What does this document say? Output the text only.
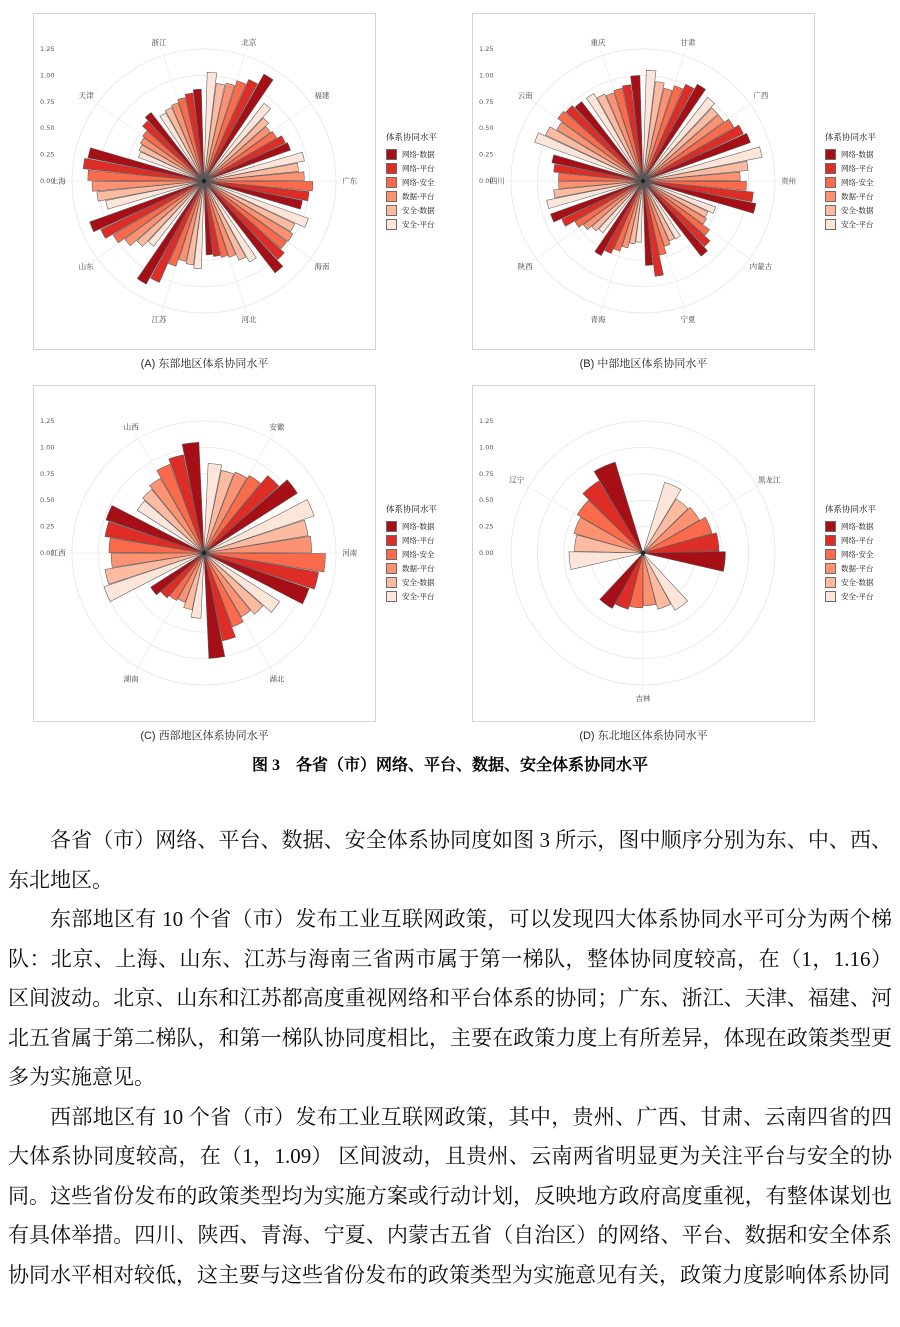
0.00
0.25
0.50
0.75
1.00
1.25
北京
福建
广东
海南
河北
江苏
山东
上海
天津
浙江
(A) 东部地区体系协同水平
体系协同水平
网络-数据
网络-平台
网络-安全
数据-平台
安全-数据
安全-平台
0.00
0.25
0.50
0.75
1.00
1.25
甘肃
广西
贵州
内蒙古
宁夏
青海
陕西
四川
云南
重庆
(B) 中部地区体系协同水平
体系协同水平
网络-数据
网络-平台
网络-安全
数据-平台
安全-数据
安全-平台
0.00
0.25
0.50
0.75
1.00
1.25
安徽
河南
湖北
湖南
江西
山西
(C) 西部地区体系协同水平
体系协同水平
网络-数据
网络-平台
网络-安全
数据-平台
安全-数据
安全-平台
0.00
0.25
0.50
0.75
1.00
1.25
黑龙江
吉林
辽宁
(D) 东北地区体系协同水平
体系协同水平
网络-数据
网络-平台
网络-安全
数据-平台
安全-数据
安全-平台
图 3　各省（市）网络、平台、数据、安全体系协同水平

各省（市）网络、平台、数据、安全体系协同度如图 3 所示，图中顺序分别为东、中、西、东北地区。

东部地区有 10 个省（市）发布工业互联网政策，可以发现四大体系协同水平可分为两个梯队：北京、上海、山东、江苏与海南三省两市属于第一梯队，整体协同度较高，在（1，1.16）区间波动。北京、山东和江苏都高度重视网络和平台体系的协同；广东、浙江、天津、福建、河北五省属于第二梯队，和第一梯队协同度相比，主要在政策力度上有所差异，体现在政策类型更多为实施意见。

西部地区有 10 个省（市）发布工业互联网政策，其中，贵州、广西、甘肃、云南四省的四大体系协同度较高，在（1，1.09） 区间波动，且贵州、云南两省明显更为关注平台与安全的协同。这些省份发布的政策类型均为实施方案或行动计划，反映地方政府高度重视，有整体谋划也有具体举措。四川、陕西、青海、宁夏、内蒙古五省（自治区）的网络、平台、数据和安全体系协同水平相对较低，这主要与这些省份发布的政策类型为实施意见有关，政策力度影响体系协同
